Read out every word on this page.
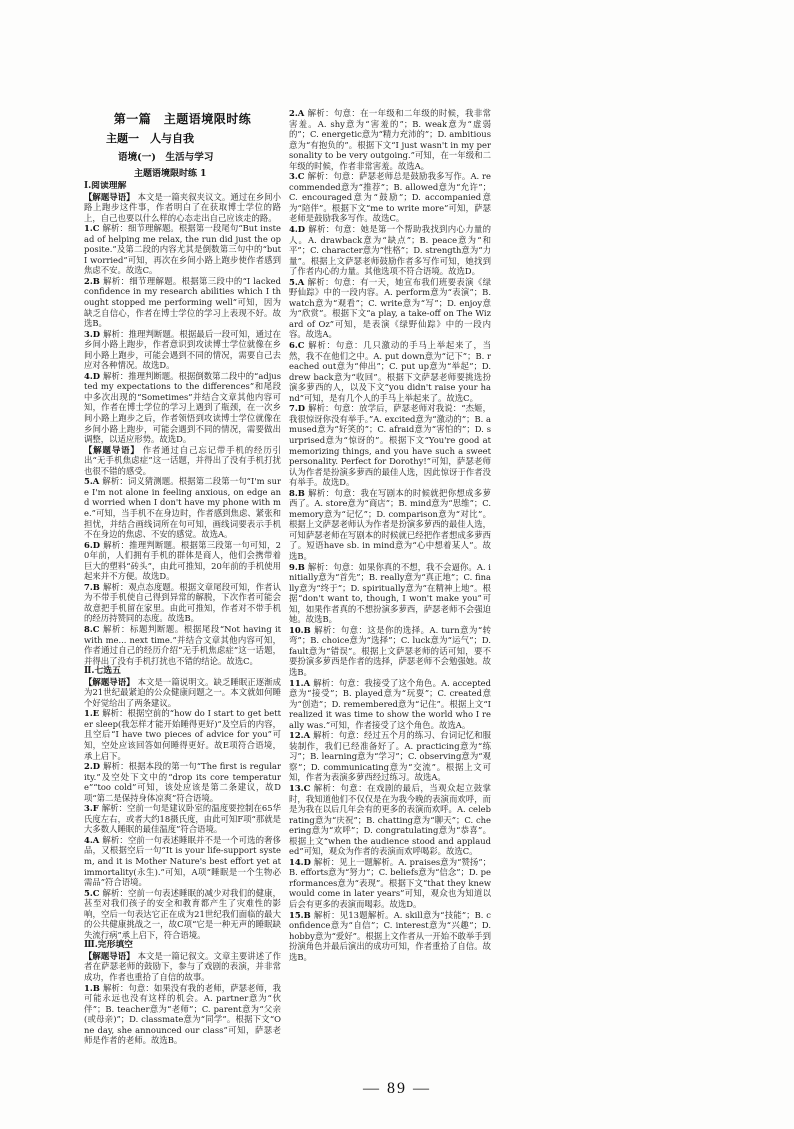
第一篇　主题语境限时练
主题一　人与自我
语境(一)　生活与学习
主题语境限时练 1

Ⅰ.阅读理解

【解题导语】 本文是一篇夹叙夹议文。通过在乡间小路上跑步这件事，作者明白了在获取博士学位的路上，自己也要以什么样的心态走出自己应该走的路。

1.C 解析：细节理解题。根据第一段尾句“But instead of helping me relax, the run did just the opposite.”及第二段的内容尤其是倒数第三句中的“but I worried”可知，再次在乡间小路上跑步使作者感到焦虑不安。故选C。

2.B 解析：细节理解题。根据第三段中的“I lacked confidence in my research abilities which I thought stopped me performing well”可知，因为缺乏自信心，作者在博士学位的学习上表现不好。故选B。

3.D 解析：推理判断题。根据最后一段可知，通过在乡间小路上跑步，作者意识到攻读博士学位就像在乡间小路上跑步，可能会遇到不同的情况，需要自己去应对各种情况。故选D。

4.D 解析：推理判断题。根据倒数第二段中的“adjusted my expectations to the differences”和尾段中多次出现的“Sometimes”并结合文章其他内容可知，作者在博士学位的学习上遇到了瓶颈，在一次乡间小路上跑步之后，作者领悟到攻读博士学位就像在乡间小路上跑步，可能会遇到不同的情况，需要做出调整，以适应形势。故选D。

【解题导语】 作者通过自己忘记带手机的经历引出“无手机焦虑症”这一话题，并得出了没有手机打扰也很不错的感受。

5.A 解析：词义猜测题。根据第二段第一句“I'm sure I'm not alone in feeling anxious, on edge and worried when I don't have my phone with me.”可知，当手机不在身边时，作者感到焦虑、紧张和担忧，并结合画线词所在句可知，画线词要表示手机不在身边的焦虑、不安的感觉。故选A。

6.D 解析：推理判断题。根据第三段第一句可知，20年前，人们拥有手机的群体是商人，他们会携带着巨大的塑料“砖头”，由此可推知，20年前的手机使用起来并不方便。故选D。

7.B 解析：观点态度题。根据文章尾段可知，作者认为不带手机使自己得到异常的解脱，下次作者可能会故意把手机留在家里。由此可推知，作者对不带手机的经历持赞同的态度。故选B。

8.C 解析：标题判断题。根据尾段“Not having it with me... next time.”并结合文章其他内容可知，作者通过自己的经历介绍“无手机焦虑症”这一话题，并得出了没有手机打扰也不错的结论。故选C。

Ⅱ.七选五

【解题导语】 本文是一篇说明文。缺乏睡眠正逐渐成为21世纪最紧迫的公众健康问题之一。本文就如何睡个好觉给出了两条建议。

1.E 解析：根据空前的“how do I start to get better sleep(我怎样才能开始睡得更好)”及空后的内容，且空后“I have two pieces of advice for you”可知，空处应该回答如何睡得更好。故E项符合语境，承上启下。

2.D 解析：根据本段的第一句“The first is regularity.”及空处下文中的“drop its core temperature”“too cold”可知，该处应该是第二条建议，故D项“第二是保持身体凉爽”符合语境。

3.F 解析：空前一句是建议卧室的温度要控制在65华氏度左右，或者大约18摄氏度，由此可知F项“那就是大多数人睡眠的最佳温度”符合语境。

4.A 解析：空前一句表述睡眠并不是一个可选的奢侈品，又根据空后一句“It is your life-support system, and it is Mother Nature's best effort yet at immortality(永生).”可知，A项“睡眠是一个生物必需品”符合语境。

5.C 解析：空前一句表述睡眠的减少对我们的健康，甚至对我们孩子的安全和教育都产生了灾难性的影响，空后一句表达它正在成为21世纪我们面临的最大的公共健康挑战之一，故C项“它是一种无声的睡眠缺失流行病”承上启下，符合语境。

Ⅲ.完形填空

【解题导语】 本文是一篇记叙文。文章主要讲述了作者在萨瑟老师的鼓励下，参与了戏剧的表演，并非常成功，作者也重拾了自信的故事。

1.B 解析：句意：如果没有我的老师，萨瑟老师，我可能永远也没有这样的机会。A. partner意为“伙伴”；B. teacher意为“老师”；C. parent意为“父亲(或母亲)”；D. classmate意为“同学”。根据下文“One day, she announced our class”可知，萨瑟老师是作者的老师。故选B。

2.A 解析：句意：在一年级和二年级的时候，我非常害羞。A. shy意为“害羞的”；B. weak意为“虚弱的”；C. energetic意为“精力充沛的”；D. ambitious意为“有抱负的”。根据下文“I just wasn't in my personality to be very outgoing.”可知，在一年级和二年级的时候，作者非常害羞。故选A。

3.C 解析：句意：萨瑟老师总是鼓励我多写作。A. recommended意为“推荐”；B. allowed意为“允许”；C. encouraged意为“鼓励”；D. accompanied意为“陪伴”。根据下文“me to write more”可知，萨瑟老师是鼓励我多写作。故选C。

4.D 解析：句意：她是第一个帮助我找到内心力量的人。A. drawback意为“缺点”；B. peace意为“和平”；C. character意为“性格”；D. strength意为“力量”。根据上文萨瑟老师鼓励作者多写作可知，她找到了作者内心的力量。其他选项不符合语境。故选D。

5.A 解析：句意：有一天，她宣布我们班要表演《绿野仙踪》中的一段内容。A. perform意为“表演”；B. watch意为“观看”；C. write意为“写”；D. enjoy意为“欣赏”。根据下文“a play, a take-off on The Wizard of Oz”可知，是表演《绿野仙踪》中的一段内容。故选A。

6.C 解析：句意：几只激动的手马上举起来了，当然，我不在他们之中。A. put down意为“记下”；B. reached out意为“伸出”；C. put up意为“举起”；D. drew back意为“收回”。根据下文萨瑟老师要挑选扮演多萝西的人，以及下文“you didn't raise your hand”可知，是有几个人的手马上举起来了。故选C。

7.D 解析：句意：放学后，萨瑟老师对我说：“杰姬，我很惊讶你没有举手。”A. excited意为“激动的”；B. amused意为“好笑的”；C. afraid意为“害怕的”；D. surprised意为“惊讶的”。根据下文“You're good at memorizing things, and you have such a sweet personality. Perfect for Dorothy!”可知，萨瑟老师认为作者是扮演多萝西的最佳人选，因此惊讶于作者没有举手。故选D。

8.B 解析：句意：我在写剧本的时候就把你想成多萝西了。A. store意为“商店”；B. mind意为“思维”；C. memory意为“记忆”；D. comparison意为“对比”。根据上文萨瑟老师认为作者是扮演多萝西的最佳人选，可知萨瑟老师在写剧本的时候就已经把作者想成多萝西了。短语have sb. in mind意为“心中想着某人”。故选B。

9.B 解析：句意：如果你真的不想，我不会逼你。A. initially意为“首先”；B. really意为“真正地”；C. finally意为“终于”；D. spiritually意为“在精神上地”。根据“don't want to, though, I won't make you”可知，如果作者真的不想扮演多萝西，萨瑟老师不会强迫她。故选B。

10.B 解析：句意：这是你的选择。A. turn意为“转弯”；B. choice意为“选择”；C. luck意为“运气”；D. fault意为“错误”。根据上文萨瑟老师的话可知，要不要扮演多萝西是作者的选择，萨瑟老师不会勉强她。故选B。

11.A 解析：句意：我接受了这个角色。A. accepted意为“接受”；B. played意为“玩耍”；C. created意为“创造”；D. remembered意为“记住”。根据上文“I realized it was time to show the world who I really was.”可知，作者接受了这个角色。故选A。

12.A 解析：句意：经过五个月的练习、台词记忆和服装制作，我们已经准备好了。A. practicing意为“练习”；B. learning意为“学习”；C. observing意为“观察”；D. communicating意为“交流”。根据上文可知，作者为表演多萝西经过练习。故选A。

13.C 解析：句意：在戏剧的最后，当观众起立鼓掌时，我知道他们不仅仅是在为我今晚的表演而欢呼，而是为我在以后几年会有的更多的表演而欢呼。A. celebrating意为“庆祝”；B. chatting意为“聊天”；C. cheering意为“欢呼”；D. congratulating意为“恭喜”。根据上文“when the audience stood and applauded”可知，观众为作者的表演而欢呼喝彩。故选C。

14.D 解析：见上一题解析。A. praises意为“赞扬”；B. efforts意为“努力”；C. beliefs意为“信念”；D. performances意为“表现”。根据下文“that they knew would come in later years”可知，观众也为知道以后会有更多的表演而喝彩。故选D。

15.B 解析：见13题解析。A. skill意为“技能”；B. confidence意为“自信”；C. interest意为“兴趣”；D. hobby意为“爱好”。根据上文作者从一开始不敢举手到扮演角色并最后演出的成功可知，作者重拾了自信。故选B。

— 89 —
